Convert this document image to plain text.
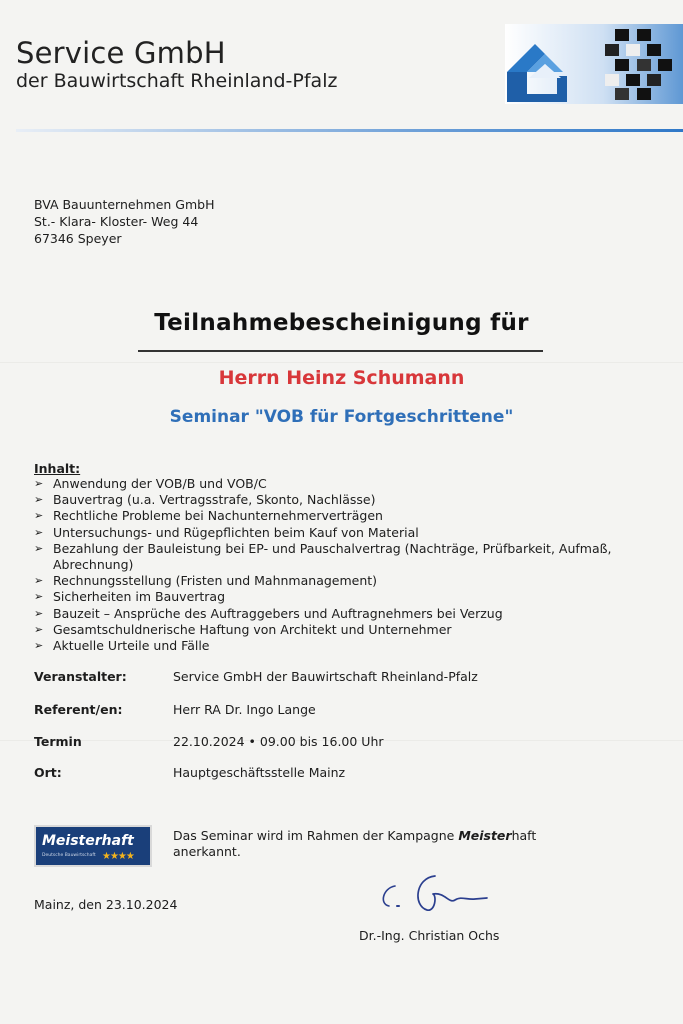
Service GmbH
der Bauwirtschaft Rheinland-Pfalz
BVA Bauunternehmen GmbH
St.- Klara- Kloster- Weg 44
67346 Speyer
Teilnahmebescheinigung für
Herrn Heinz Schumann
Seminar "VOB für Fortgeschrittene"
Inhalt:
➢ Anwendung der VOB/B und VOB/C
➢ Bauvertrag (u.a. Vertragsstrafe, Skonto, Nachlässe)
➢ Rechtliche Probleme bei Nachunternehmerverträgen
➢ Untersuchungs- und Rügepflichten beim Kauf von Material
➢ Bezahlung der Bauleistung bei EP- und Pauschalvertrag (Nachträge, Prüfbarkeit, Aufmaß, Abrechnung)
➢ Rechnungsstellung (Fristen und Mahnmanagement)
➢ Sicherheiten im Bauvertrag
➢ Bauzeit – Ansprüche des Auftraggebers und Auftragnehmers bei Verzug
➢ Gesamtschuldnerische Haftung von Architekt und Unternehmer
➢ Aktuelle Urteile und Fälle
Veranstalter:	Service GmbH der Bauwirtschaft Rheinland-Pfalz
Referent/en:	Herr RA Dr. Ingo Lange
Termin	22.10.2024 • 09.00 bis 16.00 Uhr
Ort:	Hauptgeschäftsstelle Mainz
Meisterhaft
Deutsche Bauwirtschaft ★★★★
Das Seminar wird im Rahmen der Kampagne Meisterhaft anerkannt.
Mainz, den 23.10.2024
Dr.-Ing. Christian Ochs
